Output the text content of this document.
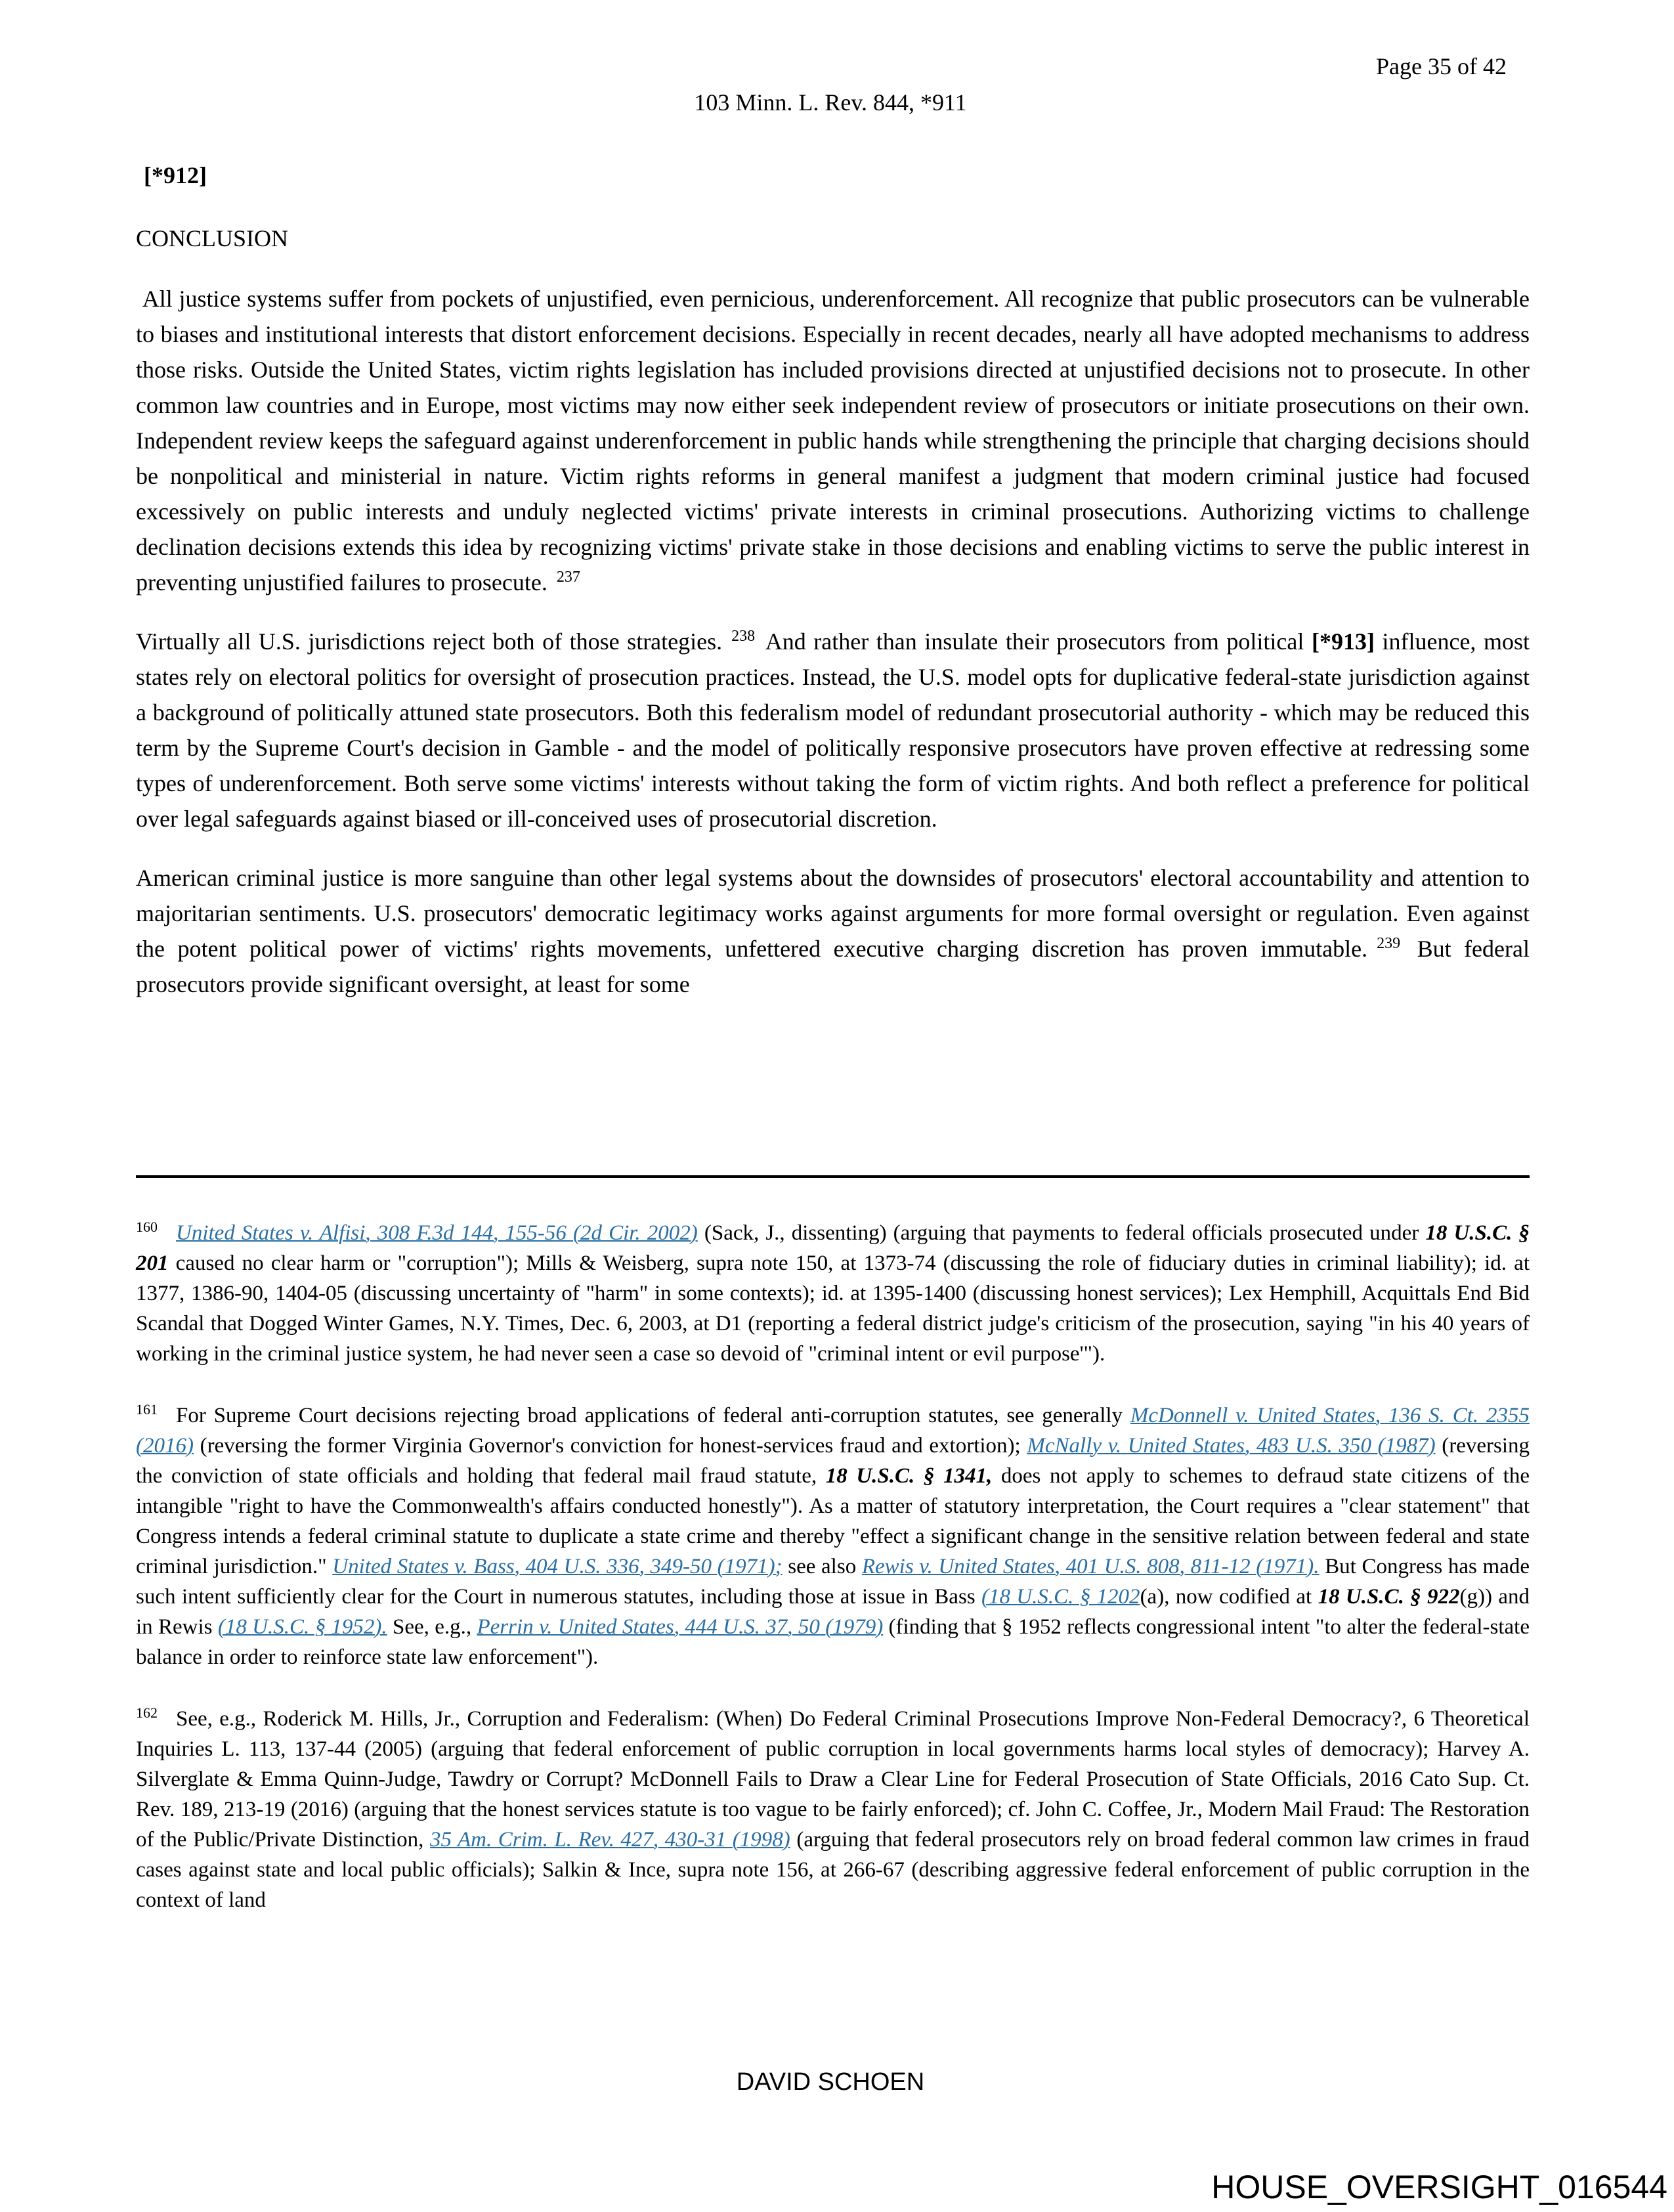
Page 35 of 42
103 Minn. L. Rev. 844, *911
[*912]
CONCLUSION

All justice systems suffer from pockets of unjustified, even pernicious, underenforcement. All recognize that public prosecutors can be vulnerable to biases and institutional interests that distort enforcement decisions. Especially in recent decades, nearly all have adopted mechanisms to address those risks. Outside the United States, victim rights legislation has included provisions directed at unjustified decisions not to prosecute. In other common law countries and in Europe, most victims may now either seek independent review of prosecutors or initiate prosecutions on their own. Independent review keeps the safeguard against underenforcement in public hands while strengthening the principle that charging decisions should be nonpolitical and ministerial in nature. Victim rights reforms in general manifest a judgment that modern criminal justice had focused excessively on public interests and unduly neglected victims' private interests in criminal prosecutions. Authorizing victims to challenge declination decisions extends this idea by recognizing victims' private stake in those decisions and enabling victims to serve the public interest in preventing unjustified failures to prosecute. $^{237}$

Virtually all U.S. jurisdictions reject both of those strategies. $^{238}$ And rather than insulate their prosecutors from political [*913] influence, most states rely on electoral politics for oversight of prosecution practices. Instead, the U.S. model opts for duplicative federal-state jurisdiction against a background of politically attuned state prosecutors. Both this federalism model of redundant prosecutorial authority - which may be reduced this term by the Supreme Court's decision in Gamble - and the model of politically responsive prosecutors have proven effective at redressing some types of underenforcement. Both serve some victims' interests without taking the form of victim rights. And both reflect a preference for political over legal safeguards against biased or ill-conceived uses of prosecutorial discretion.

American criminal justice is more sanguine than other legal systems about the downsides of prosecutors' electoral accountability and attention to majoritarian sentiments. U.S. prosecutors' democratic legitimacy works against arguments for more formal oversight or regulation. Even against the potent political power of victims' rights movements, unfettered executive charging discretion has proven immutable. $^{239}$ But federal prosecutors provide significant oversight, at least for some

$^{160}$ United States v. Alfisi, 308 F.3d 144, 155-56 (2d Cir. 2002) (Sack, J., dissenting) (arguing that payments to federal officials prosecuted under 18 U.S.C. § 201 caused no clear harm or "corruption"); Mills & Weisberg, supra note 150, at 1373-74 (discussing the role of fiduciary duties in criminal liability); id. at 1377, 1386-90, 1404-05 (discussing uncertainty of "harm" in some contexts); id. at 1395-1400 (discussing honest services); Lex Hemphill, Acquittals End Bid Scandal that Dogged Winter Games, N.Y. Times, Dec. 6, 2003, at D1 (reporting a federal district judge's criticism of the prosecution, saying "in his 40 years of working in the criminal justice system, he had never seen a case so devoid of "criminal intent or evil purpose'").
$^{161}$ For Supreme Court decisions rejecting broad applications of federal anti-corruption statutes, see generally McDonnell v. United States, 136 S. Ct. 2355 (2016) (reversing the former Virginia Governor's conviction for honest-services fraud and extortion); McNally v. United States, 483 U.S. 350 (1987) (reversing the conviction of state officials and holding that federal mail fraud statute, 18 U.S.C. § 1341, does not apply to schemes to defraud state citizens of the intangible "right to have the Commonwealth's affairs conducted honestly"). As a matter of statutory interpretation, the Court requires a "clear statement" that Congress intends a federal criminal statute to duplicate a state crime and thereby "effect a significant change in the sensitive relation between federal and state criminal jurisdiction." United States v. Bass, 404 U.S. 336, 349-50 (1971); see also Rewis v. United States, 401 U.S. 808, 811-12 (1971). But Congress has made such intent sufficiently clear for the Court in numerous statutes, including those at issue in Bass (18 U.S.C. § 1202(a), now codified at 18 U.S.C. § 922(g)) and in Rewis (18 U.S.C. § 1952). See, e.g., Perrin v. United States, 444 U.S. 37, 50 (1979) (finding that § 1952 reflects congressional intent "to alter the federal-state balance in order to reinforce state law enforcement").
$^{162}$ See, e.g., Roderick M. Hills, Jr., Corruption and Federalism: (When) Do Federal Criminal Prosecutions Improve Non-Federal Democracy?, 6 Theoretical Inquiries L. 113, 137-44 (2005) (arguing that federal enforcement of public corruption in local governments harms local styles of democracy); Harvey A. Silverglate & Emma Quinn-Judge, Tawdry or Corrupt? McDonnell Fails to Draw a Clear Line for Federal Prosecution of State Officials, 2016 Cato Sup. Ct. Rev. 189, 213-19 (2016) (arguing that the honest services statute is too vague to be fairly enforced); cf. John C. Coffee, Jr., Modern Mail Fraud: The Restoration of the Public/Private Distinction, 35 Am. Crim. L. Rev. 427, 430-31 (1998) (arguing that federal prosecutors rely on broad federal common law crimes in fraud cases against state and local public officials); Salkin & Ince, supra note 156, at 266-67 (describing aggressive federal enforcement of public corruption in the context of land
DAVID SCHOEN
HOUSE_OVERSIGHT_016544
